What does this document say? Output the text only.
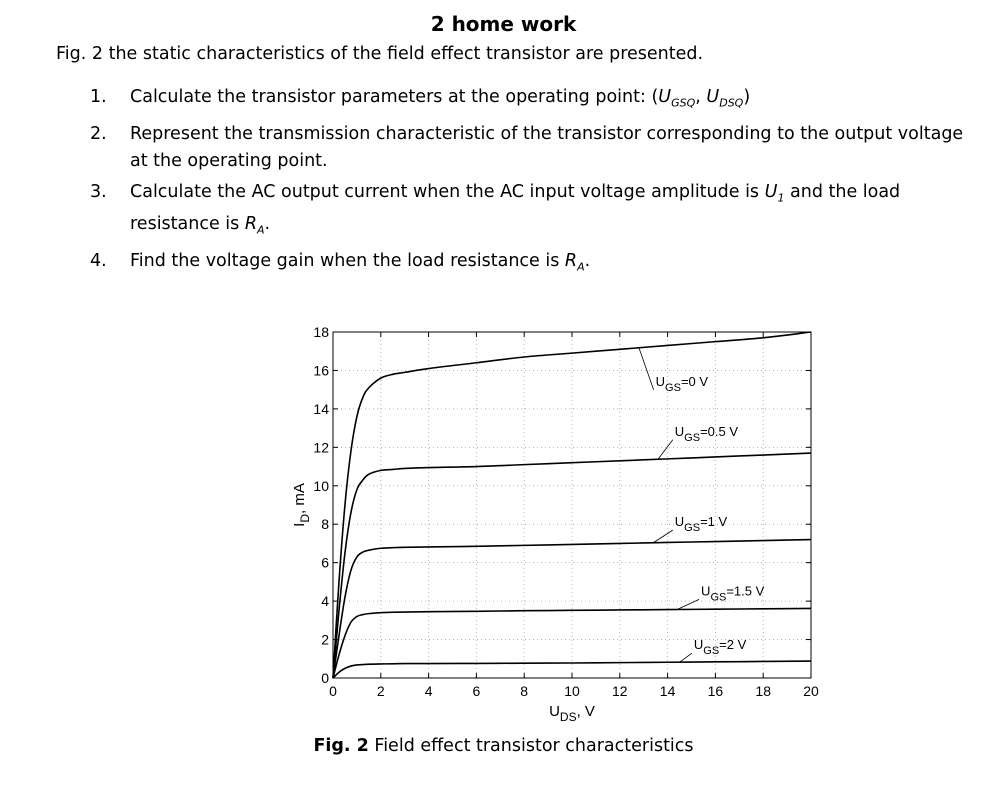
2 home work

Fig. 2 the static characteristics of the field effect transistor are presented.

1. Calculate the transistor parameters at the operating point: ($U_{GSQ}$, $U_{DSQ}$)
2. Represent the transmission characteristic of the transistor corresponding to the output voltage at the operating point.
3. Calculate the AC output current when the AC input voltage amplitude is $U_1$ and the load resistance is $R_A$.
4. Find the voltage gain when the load resistance is $R_A$.
0	2	4	6	8	10 12 14 16 18 20
0
2
4
6
8
10
12
14
16
18
$U_{DS}$, V
$I_D$, mA
$U_{GS}=0$ V
$U_{GS}=0.5$ V
$U_{GS}=1$ V
$U_{GS}=1.5$ V
$U_{GS}=2$ V

Fig. 2 Field effect transistor characteristics
